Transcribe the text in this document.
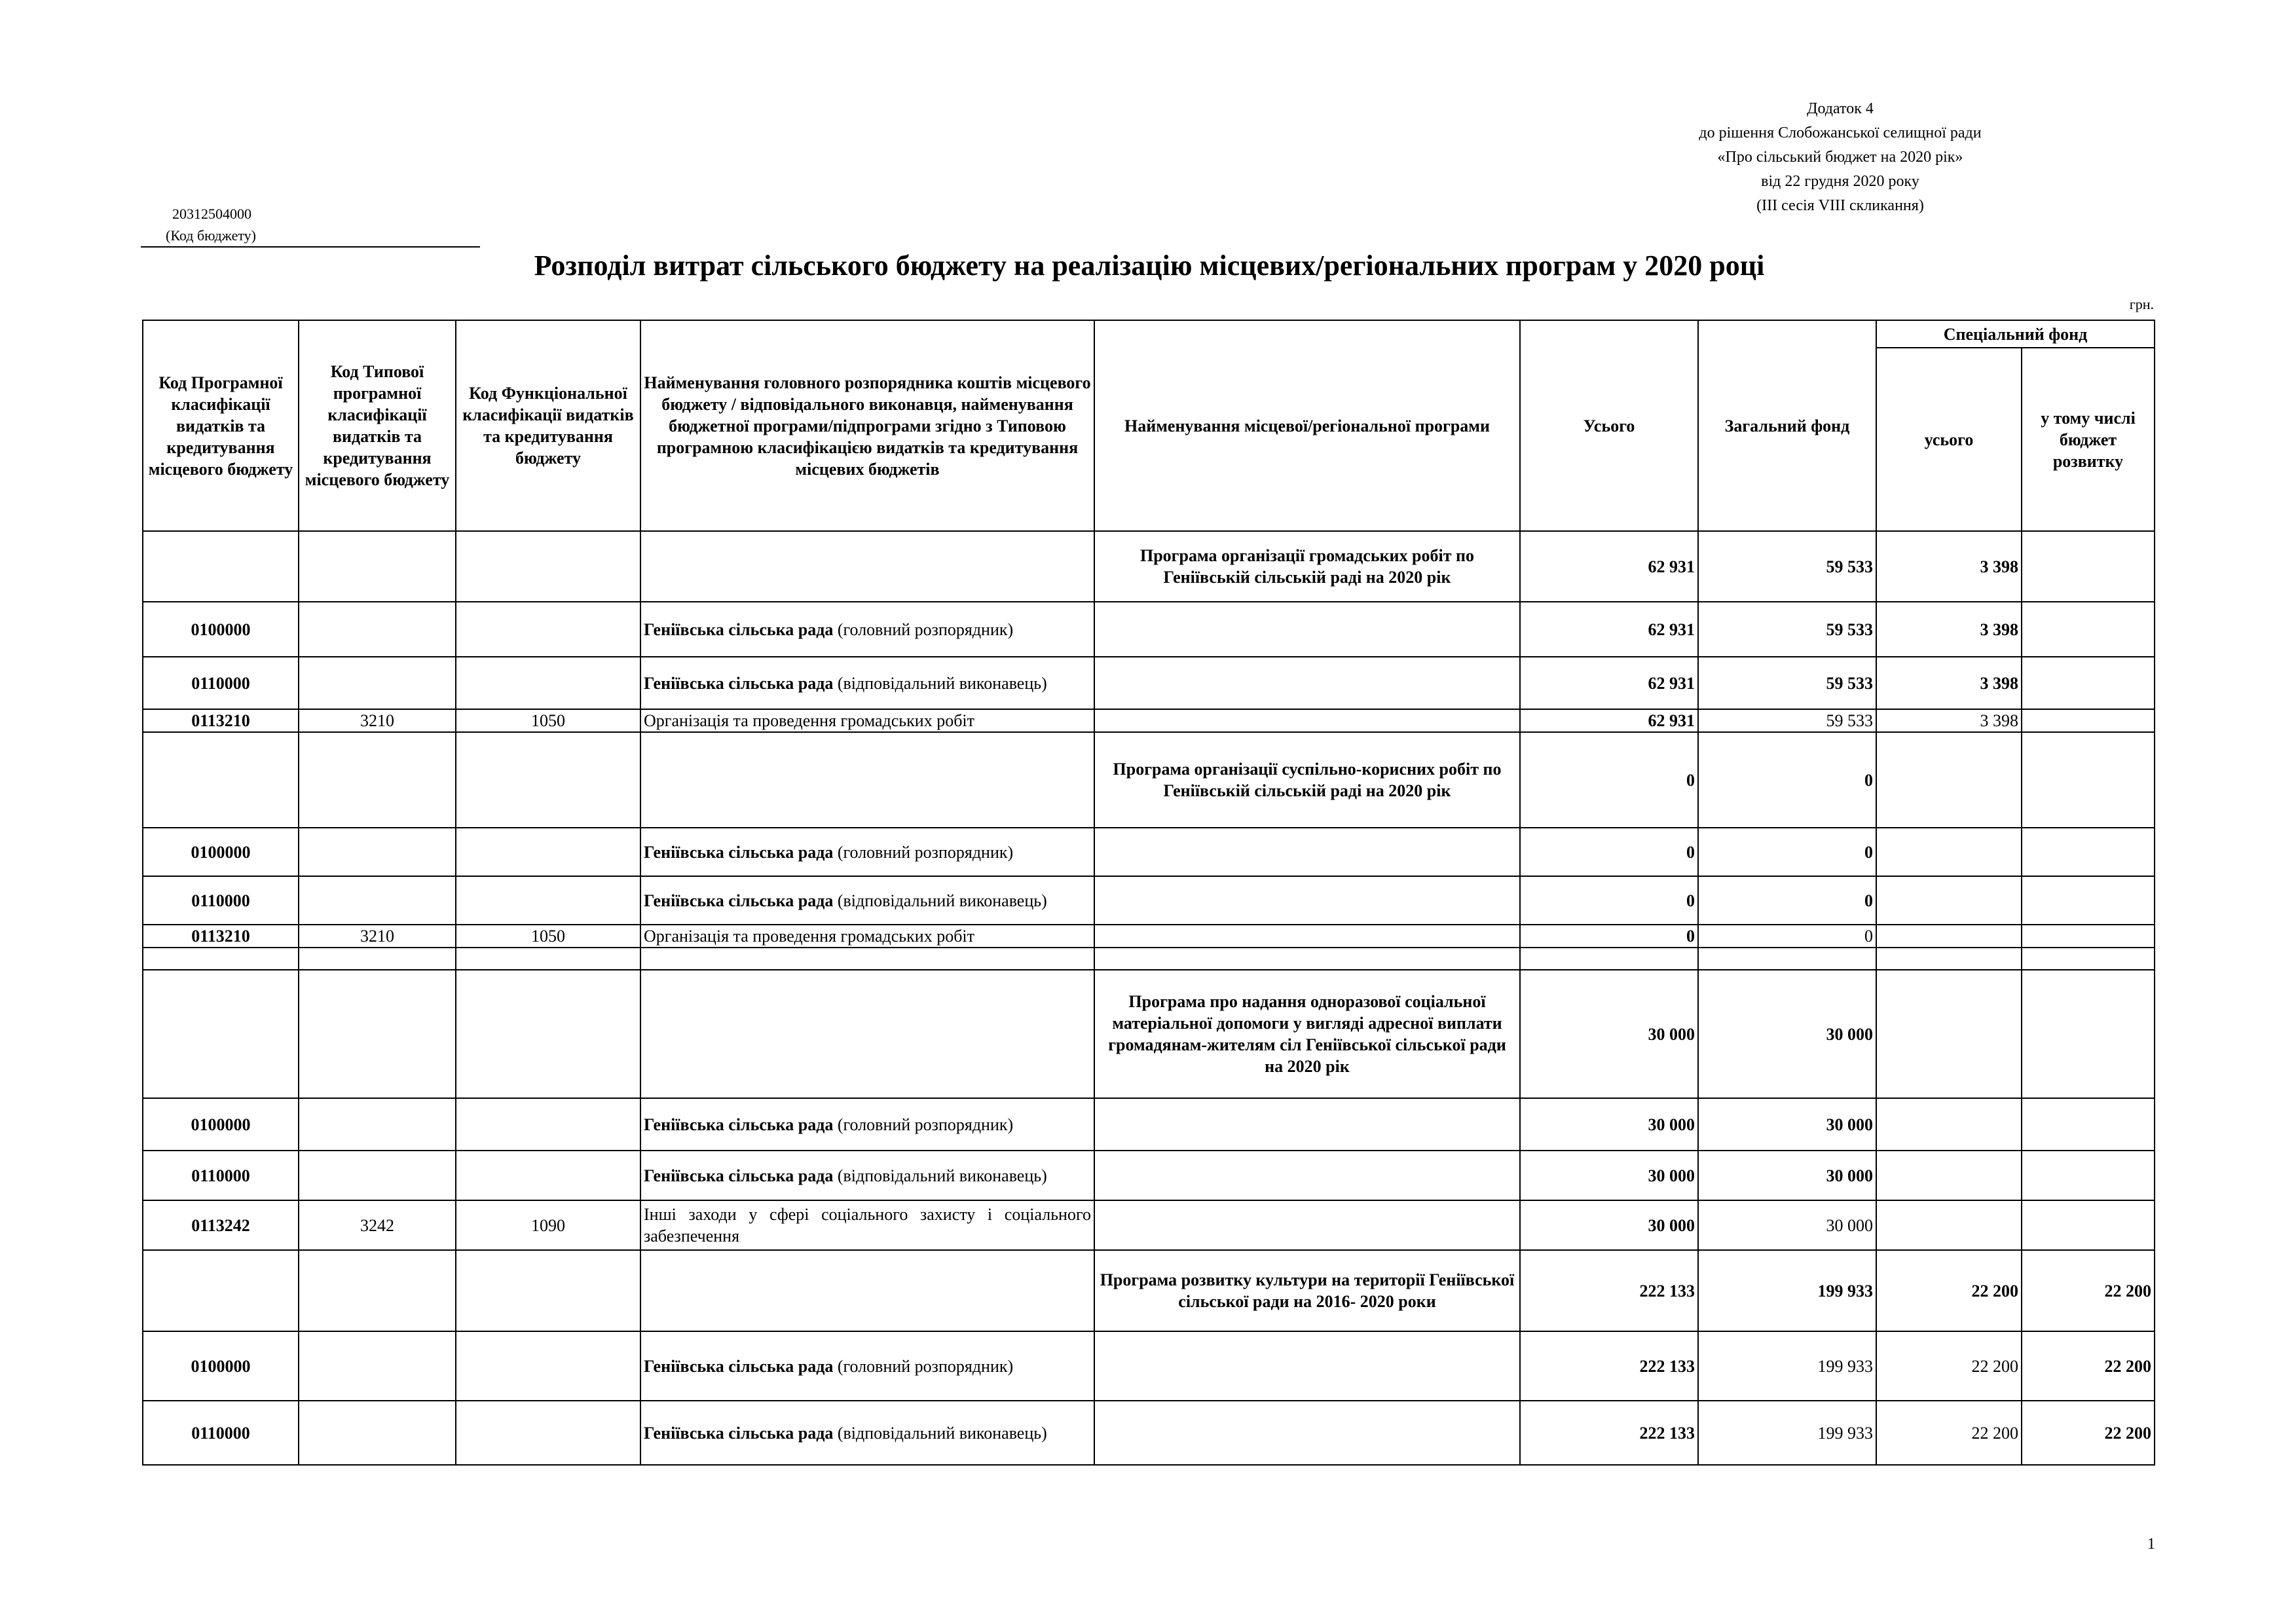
Додаток 4
до рішення Слобожанської селищної ради
«Про сільський бюджет на 2020 рік»
від 22 грудня 2020 року
(ІІІ сесія VIII скликання)
20312504000
(Код бюджету)
Розподіл витрат сільського бюджету на реалізацію місцевих/регіональних програм у 2020 році
грн.
Код Програмної класифікації видатків та кредитування місцевого бюджету	Код Типової програмної класифікації видатків та кредитування місцевого бюджету	Код Функціональної класифікації видатків та кредитування бюджету	Найменування головного розпорядника коштів місцевого бюджету / відповідального виконавця, найменування бюджетної програми/підпрограми згідно з Типовою програмною класифікацією видатків та кредитування місцевих бюджетів	Найменування місцевої/регіональної програми	Усього	Загальний фонд	Спеціальний фонд	
							усього	у тому числі бюджет розвитку
				Програма організації громадських робіт по Геніївській сільській раді на 2020 рік	62 931	59 533	3 398	
0100000			Геніївська сільська рада (головний розпорядник)		62 931	59 533	3 398	
0110000			Геніївська сільська рада (відповідальний виконавець)		62 931	59 533	3 398	
0113210	3210	1050	Організація та проведення громадських робіт		62 931	59 533	3 398	
				Програма організації суспільно-корисних робіт по Геніївській сільській раді на 2020 рік	0	0		
0100000			Геніївська сільська рада (головний розпорядник)		0	0		
0110000			Геніївська сільська рада (відповідальний виконавець)		0	0		
0113210	3210	1050	Організація та проведення громадських робіт		0	0		

				Програма про надання одноразової соціальної матеріальної допомоги у вигляді адресної виплати громадянам-жителям сіл Геніївської сільської ради на 2020 рік	30 000	30 000		
0100000			Геніївська сільська рада (головний розпорядник)		30 000	30 000		
0110000			Геніївська сільська рада (відповідальний виконавець)		30 000	30 000		
0113242	3242	1090	Інші заходи у сфері соціального захисту і соціального забезпечення		30 000	30 000		
				Програма розвитку культури на території Геніївської сільської ради на 2016- 2020 роки	222 133	199 933	22 200	22 200
0100000			Геніївська сільська рада (головний розпорядник)		222 133	199 933	22 200	22 200
0110000			Геніївська сільська рада (відповідальний виконавець)		222 133	199 933	22 200	22 200
1
